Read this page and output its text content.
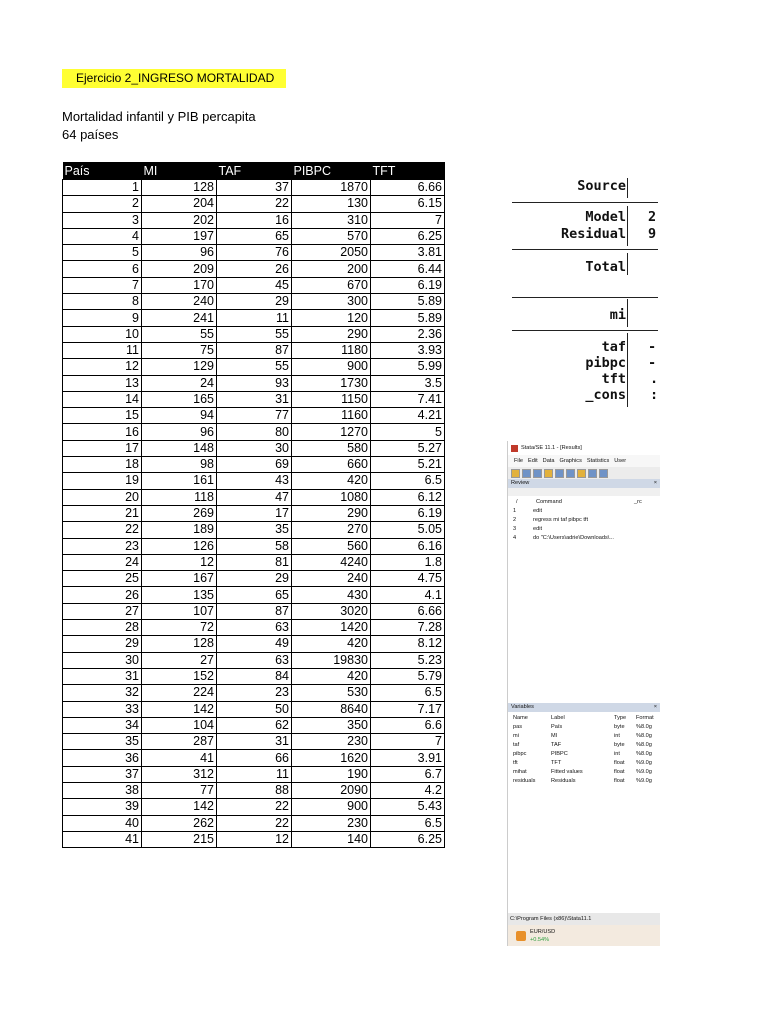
Ejercicio 2_INGRESO MORTALIDAD
Mortalidad infantil y PIB percapita
64 países
País	MI	TAF	PIBPC	TFT
1	128	37	1870	6.66
2	204	22	130	6.15
3	202	16	310	7
4	197	65	570	6.25
5	96	76	2050	3.81
6	209	26	200	6.44
7	170	45	670	6.19
8	240	29	300	5.89
9	241	11	120	5.89
10	55	55	290	2.36
11	75	87	1180	3.93
12	129	55	900	5.99
13	24	93	1730	3.5
14	165	31	1150	7.41
15	94	77	1160	4.21
16	96	80	1270	5
17	148	30	580	5.27
18	98	69	660	5.21
19	161	43	420	6.5
20	118	47	1080	6.12
21	269	17	290	6.19
22	189	35	270	5.05
23	126	58	560	6.16
24	12	81	4240	1.8
25	167	29	240	4.75
26	135	65	430	4.1
27	107	87	3020	6.66
28	72	63	1420	7.28
29	128	49	420	8.12
30	27	63	19830	5.23
31	152	84	420	5.79
32	224	23	530	6.5
33	142	50	8640	7.17
34	104	62	350	6.6
35	287	31	230	7
36	41	66	1620	3.91
37	312	11	190	6.7
38	77	88	2090	4.2
39	142	22	900	5.43
40	262	22	230	6.5
41	215	12	140	6.25
Source
Model 2
Residual 9
Total
mi
taf -
pibpc -
tft .
_cons :
Stata/SE 11.1 - [Results]
File Edit Data Graphics Statistics User
Review	×
/	Command	_rc
1	edit
2	regress mi taf pibpc tft
3	edit
4	do "C:\Users\adrie\Downloads\...
Variables	×
Name	Label	Type	Format
pas	País	byte	%8.0g
mi	MI	int	%8.0g
taf	TAF	byte	%8.0g
pibpc	PIBPC	int	%8.0g
tft	TFT	float	%9.0g
mihat	Fitted values	float	%9.0g
residuals	Residuals	float	%9.0g
C:\Program Files (x86)\Stata11.1
EUR/USD
+0.54%
